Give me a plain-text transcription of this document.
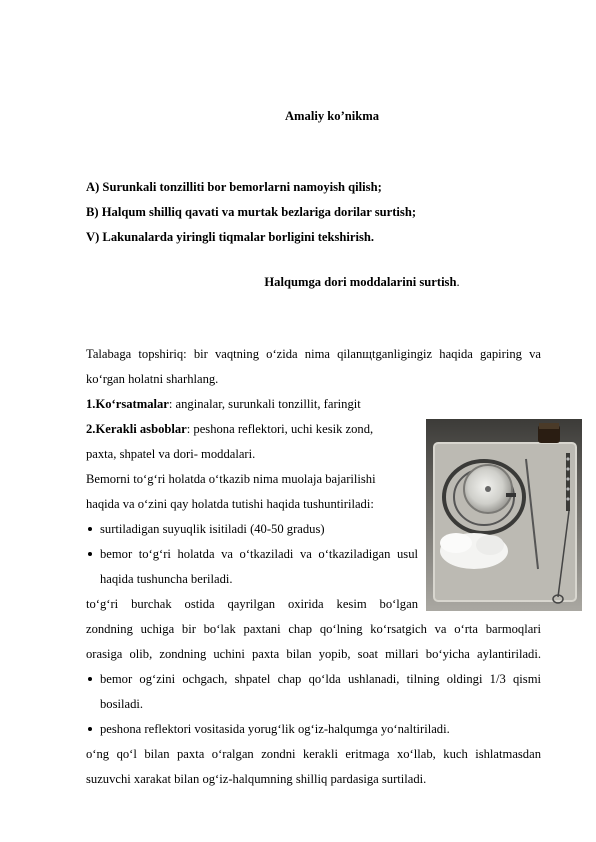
Amaliy ko’nikma
A) Surunkali tonzilliti bor bemorlarni namoyish qilish;
B) Halqum shilliq qavati va murtak bezlariga dorilar surtish;
V) Lakunalarda yiringli tiqmalar borligini tekshirish.
Halqumga dori moddalarini surtish.
Talabaga topshiriq: bir vaqtning o‘zida nima qilanщtganligingiz haqida gapiring va
ko‘rgan holatni sharhlang.
1.Ko‘rsatmalar: anginalar, surunkali tonzillit, faringit
2.Kerakli asboblar: peshona reflektori, uchi kesik zond,
paxta, shpatel va dori- moddalari.
Bemorni to‘g‘ri holatda o‘tkazib nima muolaja bajarilishi
haqida va o‘zini qay holatda tutishi haqida tushuntiriladi:
surtiladigan suyuqlik isitiladi (40-50 gradus)
bemor to‘g‘ri holatda va o‘tkaziladi va o‘tkaziladigan usul
haqida tushuncha beriladi.
to‘g‘ri burchak ostida qayrilgan oxirida kesim bo‘lgan
zondning uchiga bir bo‘lak paxtani chap qo‘lning ko‘rsatgich va o‘rta barmoqlari
orasiga olib, zondning uchini paxta bilan yopib, soat millari bo‘yicha aylantiriladi.
bemor og‘zini ochgach, shpatel chap qo‘lda ushlanadi, tilning oldingi 1/3 qismi
bosiladi.
peshona reflektori vositasida yorug‘lik og‘iz-halqumga yo‘naltiriladi.
o‘ng qo‘l bilan paxta o‘ralgan zondni kerakli eritmaga xo‘llab, kuch ishlatmasdan
suzuvchi xarakat bilan og‘iz-halqumning shilliq pardasiga surtiladi.
